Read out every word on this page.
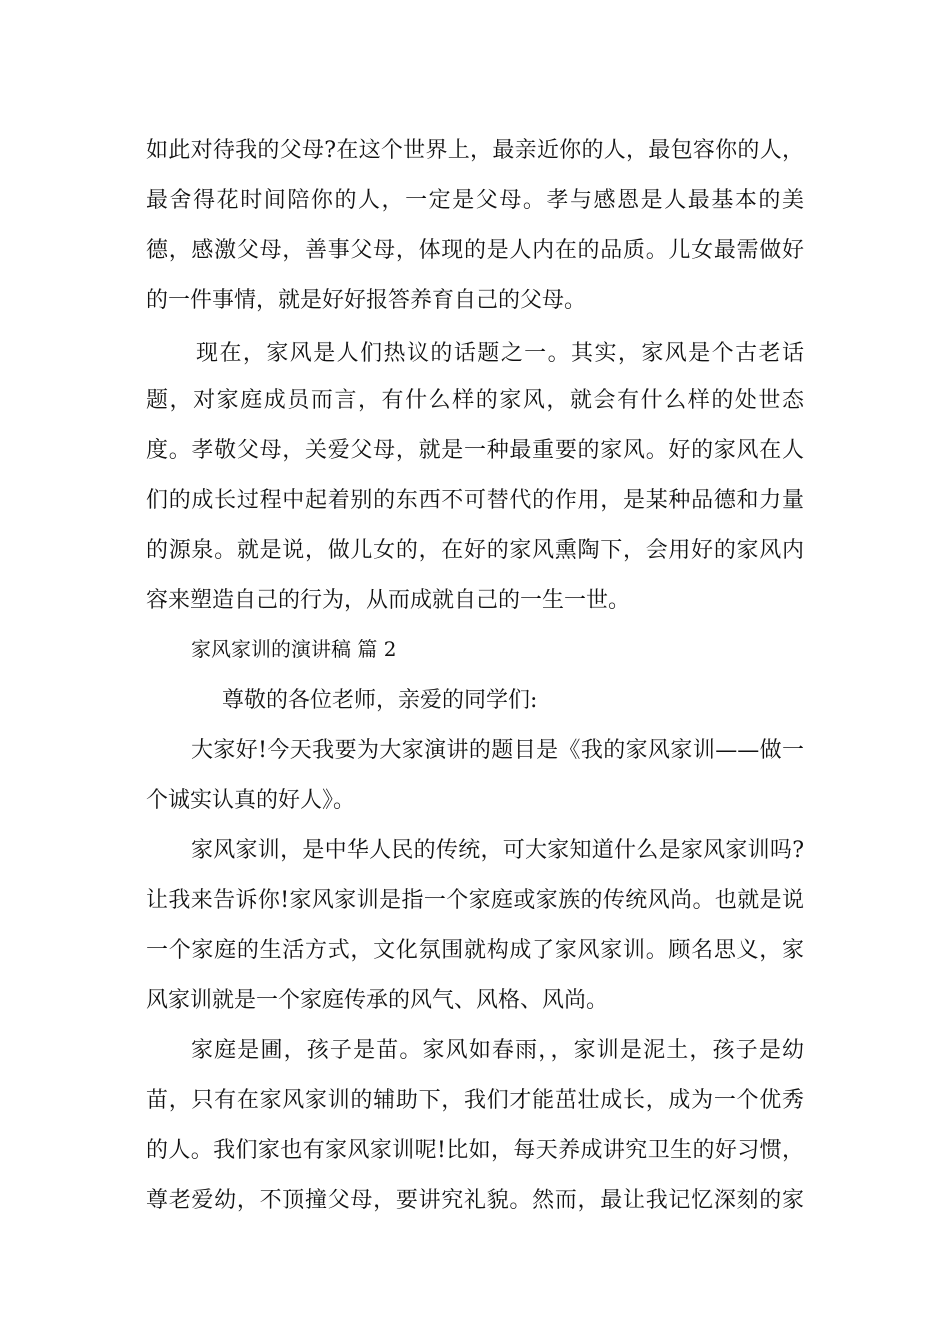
如此对待我的父母?在这个世界上，最亲近你的人，最包容你的人，
最舍得花时间陪你的人，一定是父母。孝与感恩是人最基本的美
德，感激父母，善事父母，体现的是人内在的品质。儿女最需做好
的一件事情，就是好好报答养育自己的父母。
现在，家风是人们热议的话题之一。其实，家风是个古老话
题，对家庭成员而言，有什么样的家风，就会有什么样的处世态
度。孝敬父母，关爱父母，就是一种最重要的家风。好的家风在人
们的成长过程中起着别的东西不可替代的作用，是某种品德和力量
的源泉。就是说，做儿女的，在好的家风熏陶下，会用好的家风内
容来塑造自己的行为，从而成就自己的一生一世。
家风家训的演讲稿 篇 2
尊敬的各位老师，亲爱的同学们:
大家好!今天我要为大家演讲的题目是《我的家风家训——做一
个诚实认真的好人》。
家风家训，是中华人民的传统，可大家知道什么是家风家训吗?
让我来告诉你!家风家训是指一个家庭或家族的传统风尚。也就是说
一个家庭的生活方式，文化氛围就构成了家风家训。顾名思义，家
风家训就是一个家庭传承的风气、风格、风尚。
家庭是圃，孩子是苗。家风如春雨，，家训是泥土，孩子是幼
苗，只有在家风家训的辅助下，我们才能茁壮成长，成为一个优秀
的人。我们家也有家风家训呢!比如，每天养成讲究卫生的好习惯，
尊老爱幼，不顶撞父母，要讲究礼貌。然而，最让我记忆深刻的家
